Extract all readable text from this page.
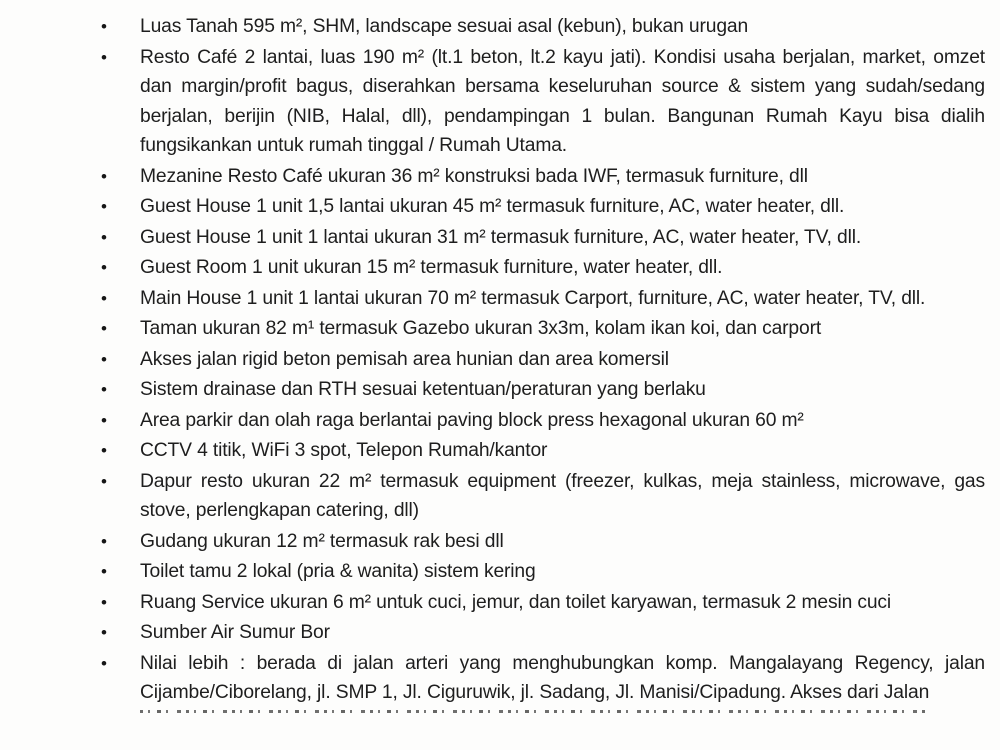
•	Luas Tanah 595 m², SHM, landscape sesuai asal (kebun), bukan urugan
•	Resto Café 2 lantai, luas 190 m² (lt.1 beton, lt.2 kayu jati). Kondisi usaha berjalan, market, omzet dan margin/profit bagus, diserahkan bersama keseluruhan source & sistem yang sudah/sedang berjalan, berijin (NIB, Halal, dll), pendampingan 1 bulan. Bangunan Rumah Kayu bisa dialih fungsikankan untuk rumah tinggal / Rumah Utama.
•	Mezanine Resto Café ukuran 36 m² konstruksi bada IWF, termasuk furniture, dll
•	Guest House 1 unit 1,5 lantai ukuran 45 m² termasuk furniture, AC, water heater, dll.
•	Guest House 1 unit 1 lantai ukuran 31 m² termasuk furniture, AC, water heater, TV, dll.
•	Guest Room 1 unit ukuran 15 m² termasuk furniture, water heater, dll.
•	Main House 1 unit 1 lantai ukuran 70 m² termasuk Carport, furniture, AC, water heater, TV, dll.
•	Taman ukuran 82 m¹ termasuk Gazebo ukuran 3x3m, kolam ikan koi, dan carport
•	Akses jalan rigid beton pemisah area hunian dan area komersil
•	Sistem drainase dan RTH sesuai ketentuan/peraturan yang berlaku
•	Area parkir dan olah raga berlantai paving block press hexagonal ukuran 60 m²
•	CCTV 4 titik, WiFi 3 spot, Telepon Rumah/kantor
•	Dapur resto ukuran 22 m² termasuk equipment (freezer, kulkas, meja stainless, microwave, gas stove, perlengkapan catering, dll)
•	Gudang ukuran 12 m² termasuk rak besi dll
•	Toilet tamu 2 lokal (pria & wanita) sistem kering
•	Ruang Service ukuran 6 m² untuk cuci, jemur, dan toilet karyawan, termasuk 2 mesin cuci
•	Sumber Air Sumur Bor
•	Nilai lebih : berada di jalan arteri yang menghubungkan komp. Mangalayang Regency, jalan Cijambe/Ciborelang, jl. SMP 1, Jl. Ciguruwik, jl. Sadang, Jl. Manisi/Cipadung. Akses dari Jalan
